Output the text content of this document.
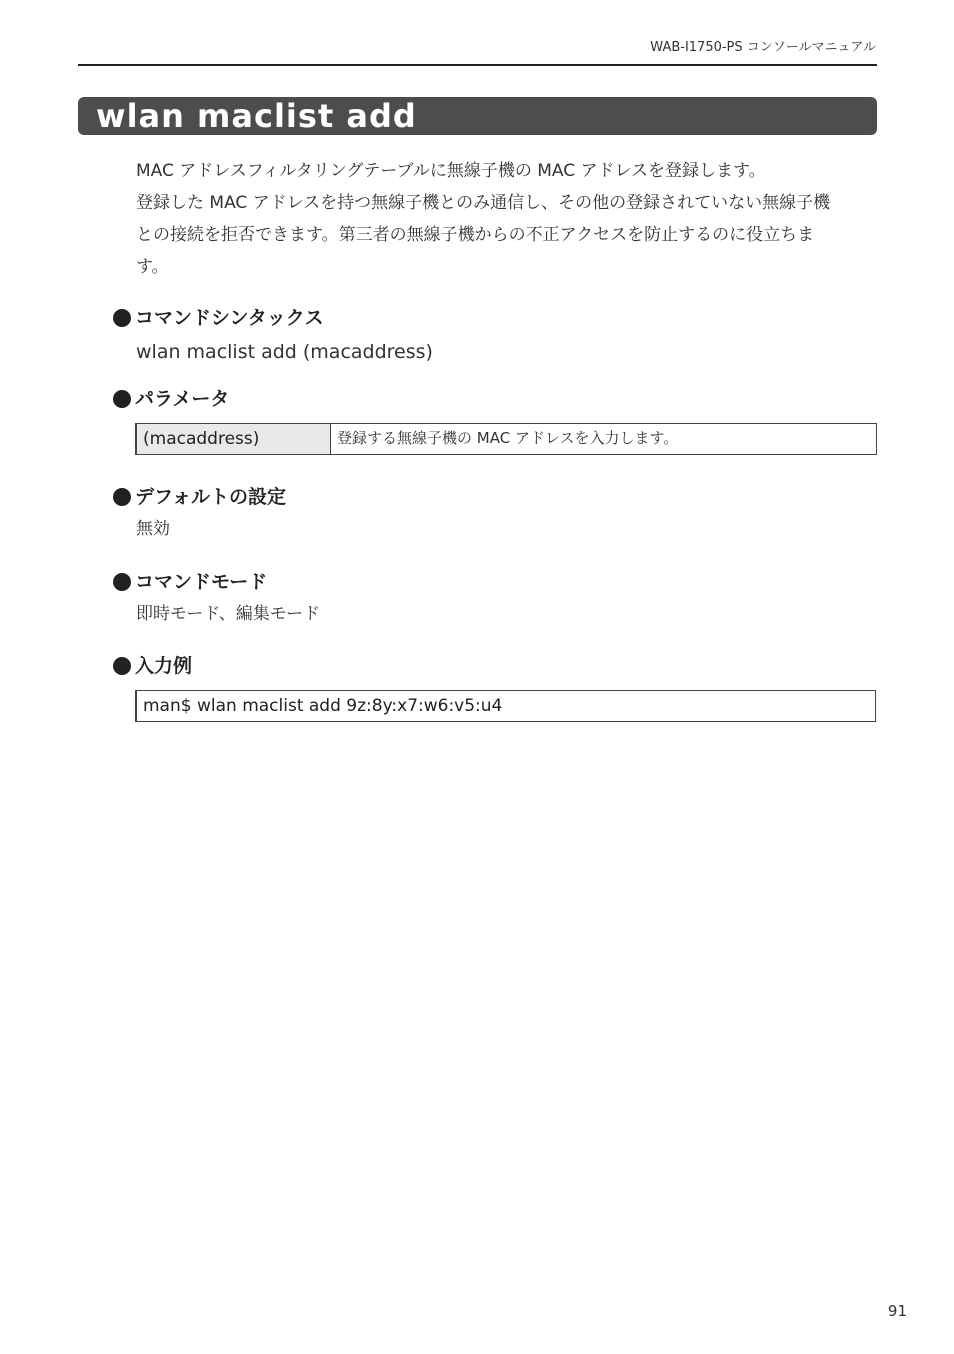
WAB-I1750-PS コンソールマニュアル
wlan maclist add

MAC アドレスフィルタリングテーブルに無線子機の MAC アドレスを登録します。

登録した MAC アドレスを持つ無線子機とのみ通信し、その他の登録されていない無線子機

との接続を拒否できます。第三者の無線子機からの不正アクセスを防止するのに役立ちま

す。

コマンドシンタックス
wlan maclist add (macaddress)
パラメータ
(macaddress)	登録する無線子機の MAC アドレスを入力します。
デフォルトの設定
無効
コマンドモード
即時モード、編集モード
入力例
man$ wlan maclist add 9z:8y:x7:w6:v5:u4
91
